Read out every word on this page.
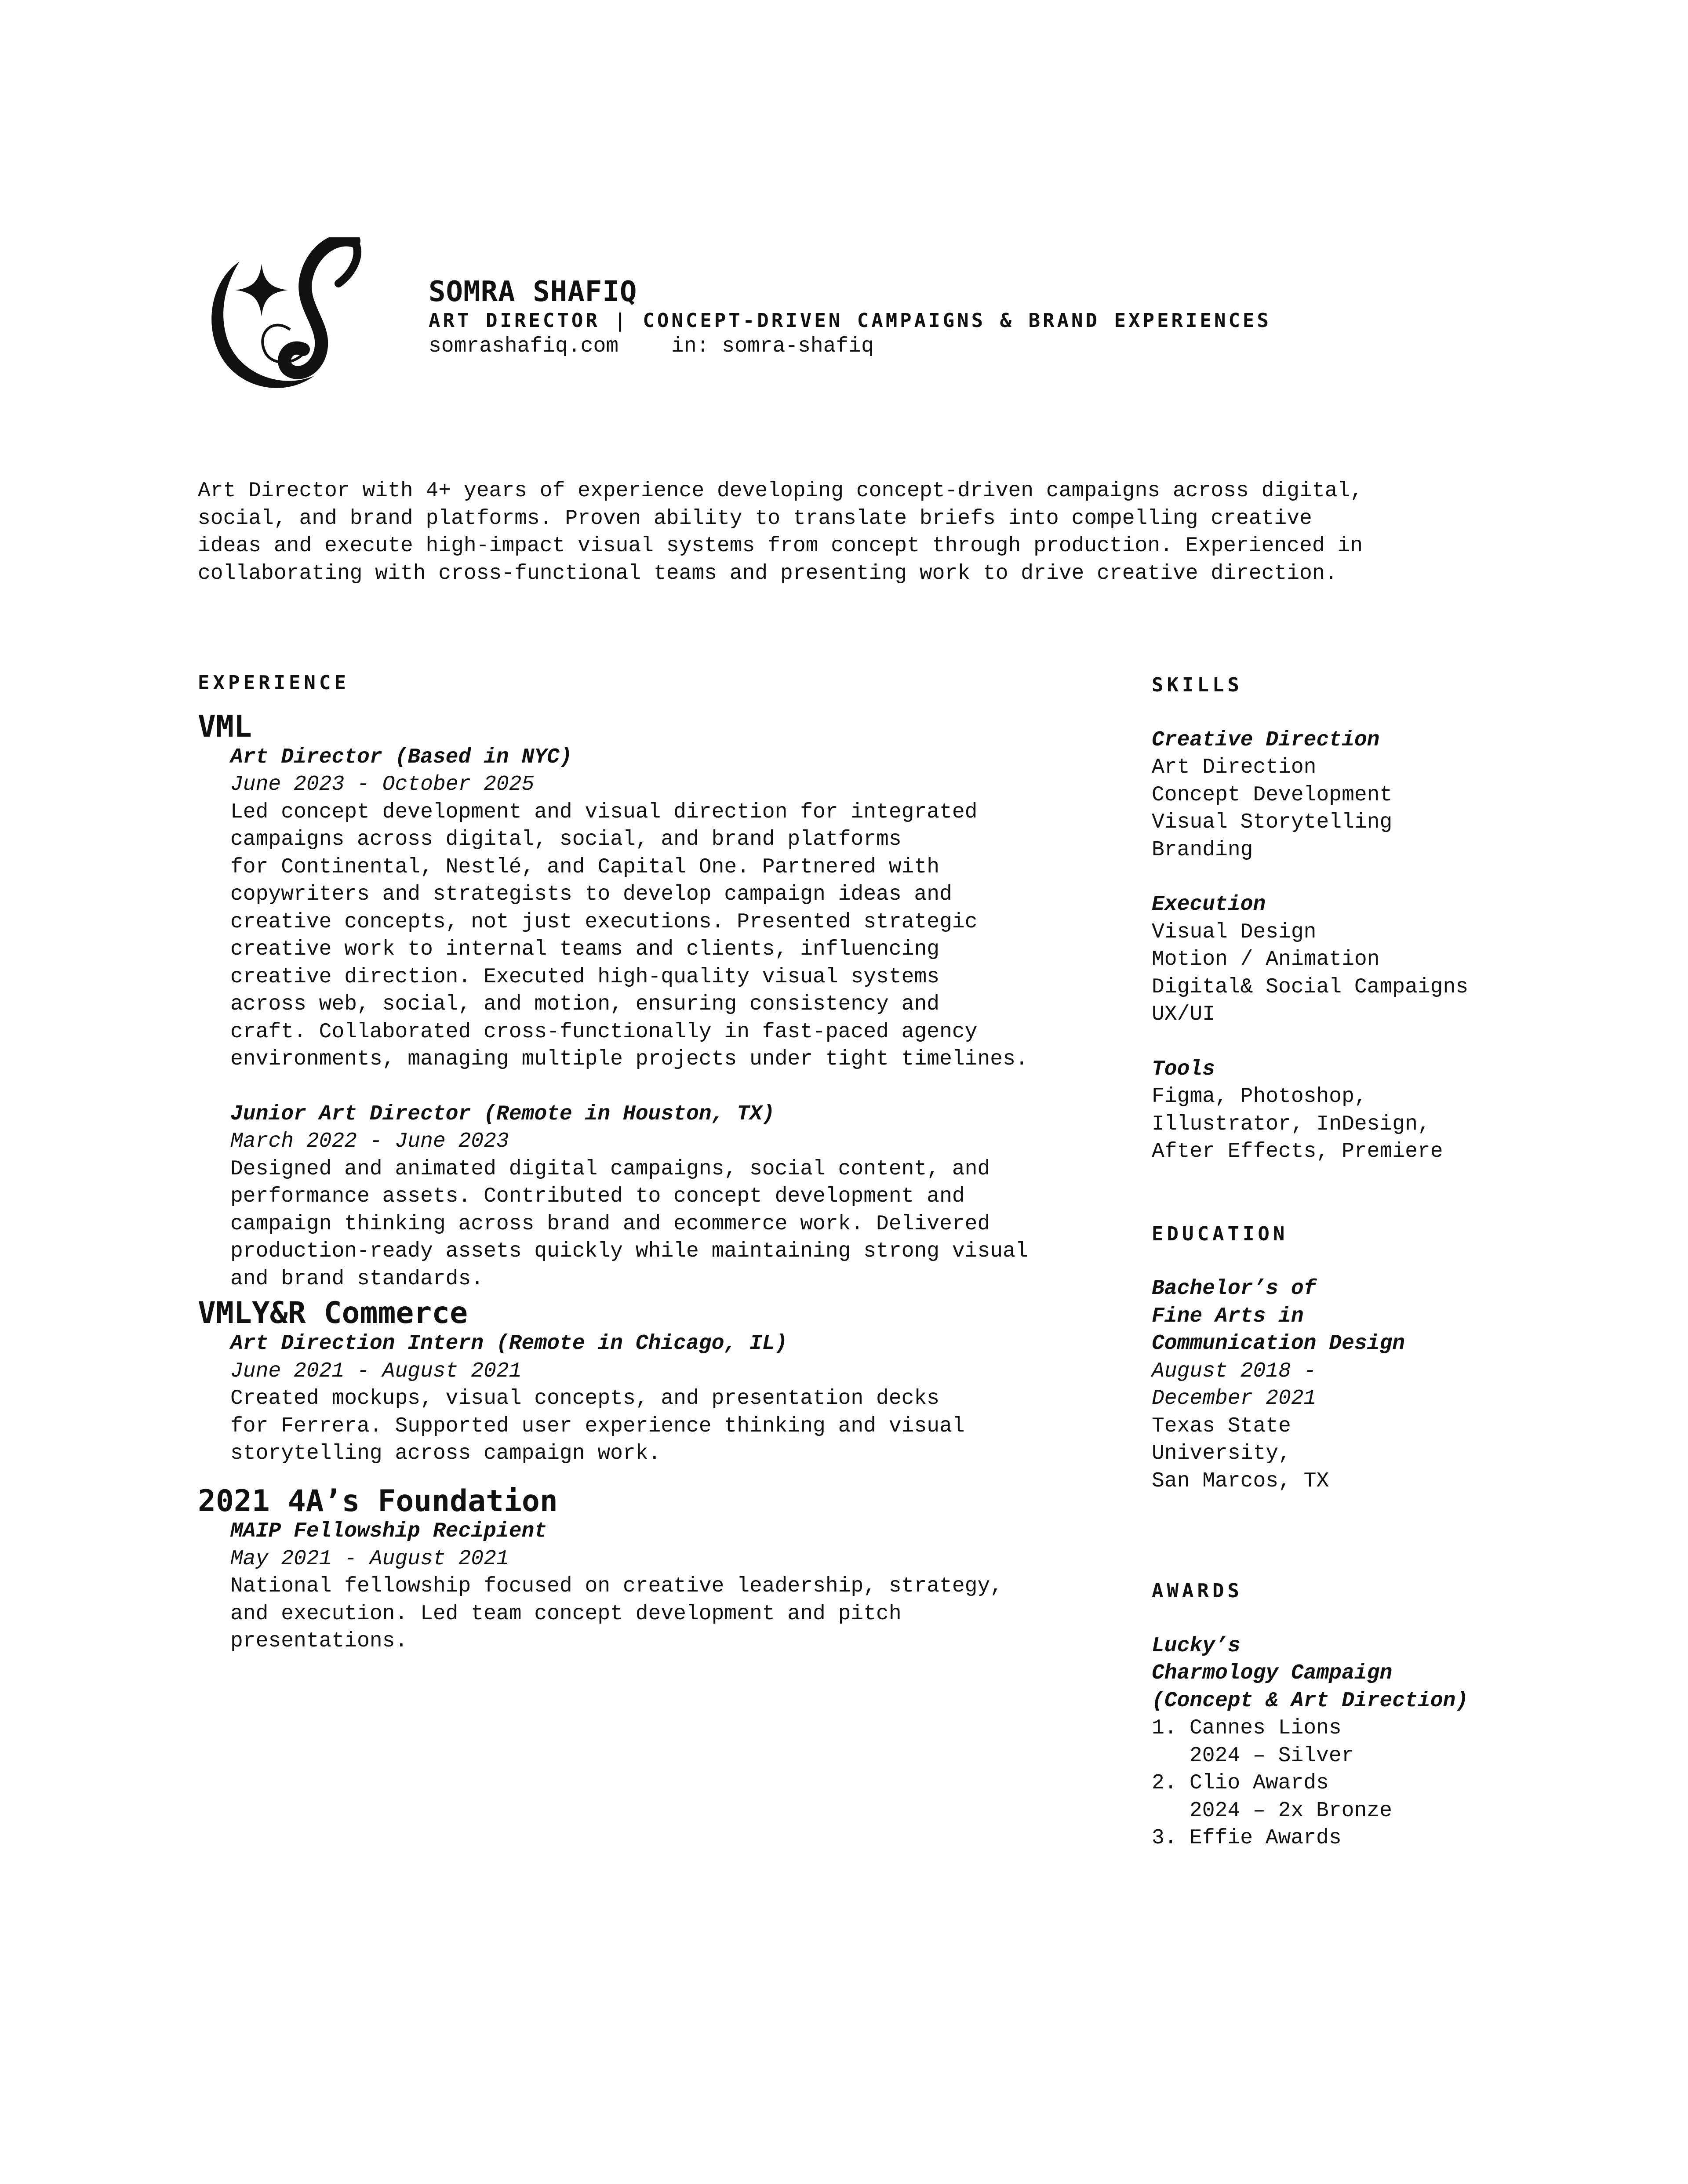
SOMRA SHAFIQ
ART DIRECTOR | CONCEPT-DRIVEN CAMPAIGNS & BRAND EXPERIENCES
somrashafiq.com	in: somra-shafiq
Art Director with 4+ years of experience developing concept-driven campaigns across digital,
social, and brand platforms. Proven ability to translate briefs into compelling creative
ideas and execute high-impact visual systems from concept through production. Experienced in
collaborating with cross-functional teams and presenting work to drive creative direction.
EXPERIENCE
VML
Art Director (Based in NYC)
June 2023 - October 2025
Led concept development and visual direction for integrated
campaigns across digital, social, and brand platforms
for Continental, Nestlé, and Capital One. Partnered with
copywriters and strategists to develop campaign ideas and
creative concepts, not just executions. Presented strategic
creative work to internal teams and clients, influencing
creative direction. Executed high-quality visual systems
across web, social, and motion, ensuring consistency and
craft. Collaborated cross-functionally in fast-paced agency
environments, managing multiple projects under tight timelines.
Junior Art Director (Remote in Houston, TX)
March 2022 - June 2023
Designed and animated digital campaigns, social content, and
performance assets. Contributed to concept development and
campaign thinking across brand and ecommerce work. Delivered
production-ready assets quickly while maintaining strong visual
and brand standards.
VMLY&R Commerce
Art Direction Intern (Remote in Chicago, IL)
June 2021 - August 2021
Created mockups, visual concepts, and presentation decks
for Ferrera. Supported user experience thinking and visual
storytelling across campaign work.
2021 4A’s Foundation
MAIP Fellowship Recipient
May 2021 - August 2021
National fellowship focused on creative leadership, strategy,
and execution. Led team concept development and pitch
presentations.
SKILLS
Creative Direction
Art Direction
Concept Development
Visual Storytelling
Branding
Execution
Visual Design
Motion / Animation
Digital& Social Campaigns
UX/UI
Tools
Figma, Photoshop,
Illustrator, InDesign,
After Effects, Premiere
EDUCATION
Bachelor’s of
Fine Arts in
Communication Design
August 2018 -
December 2021
Texas State
University,
San Marcos, TX
AWARDS
Lucky’s
Charmology Campaign
(Concept & Art Direction)
1. Cannes Lions
2024 – Silver
2. Clio Awards
2024 – 2x Bronze
3. Effie Awards
